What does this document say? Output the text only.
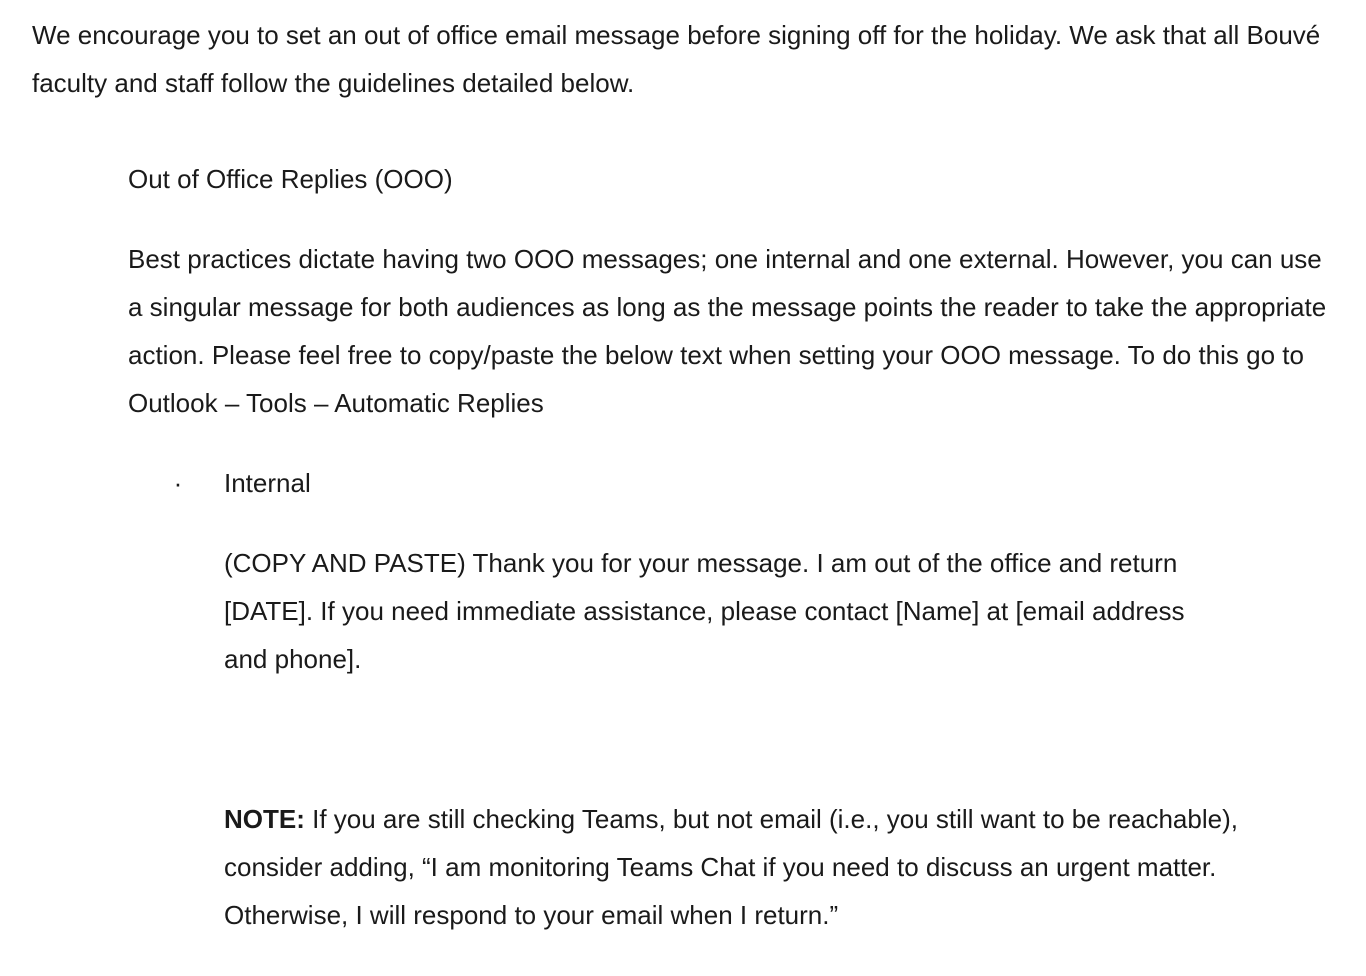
We encourage you to set an out of office email message before signing off for the holiday. We ask that all Bouvé faculty and staff follow the guidelines detailed below.

Out of Office Replies (OOO)

Best practices dictate having two OOO messages; one internal and one external. However, you can use a singular message for both audiences as long as the message points the reader to take the appropriate action. Please feel free to copy/paste the below text when setting your OOO message. To do this go to Outlook – Tools – Automatic Replies

· Internal

(COPY AND PASTE) Thank you for your message. I am out of the office and return [DATE]. If you need immediate assistance, please contact [Name] at [email address and phone].

NOTE: If you are still checking Teams, but not email (i.e., you still want to be reachable), consider adding, “I am monitoring Teams Chat if you need to discuss an urgent matter. Otherwise, I will respond to your email when I return.”
